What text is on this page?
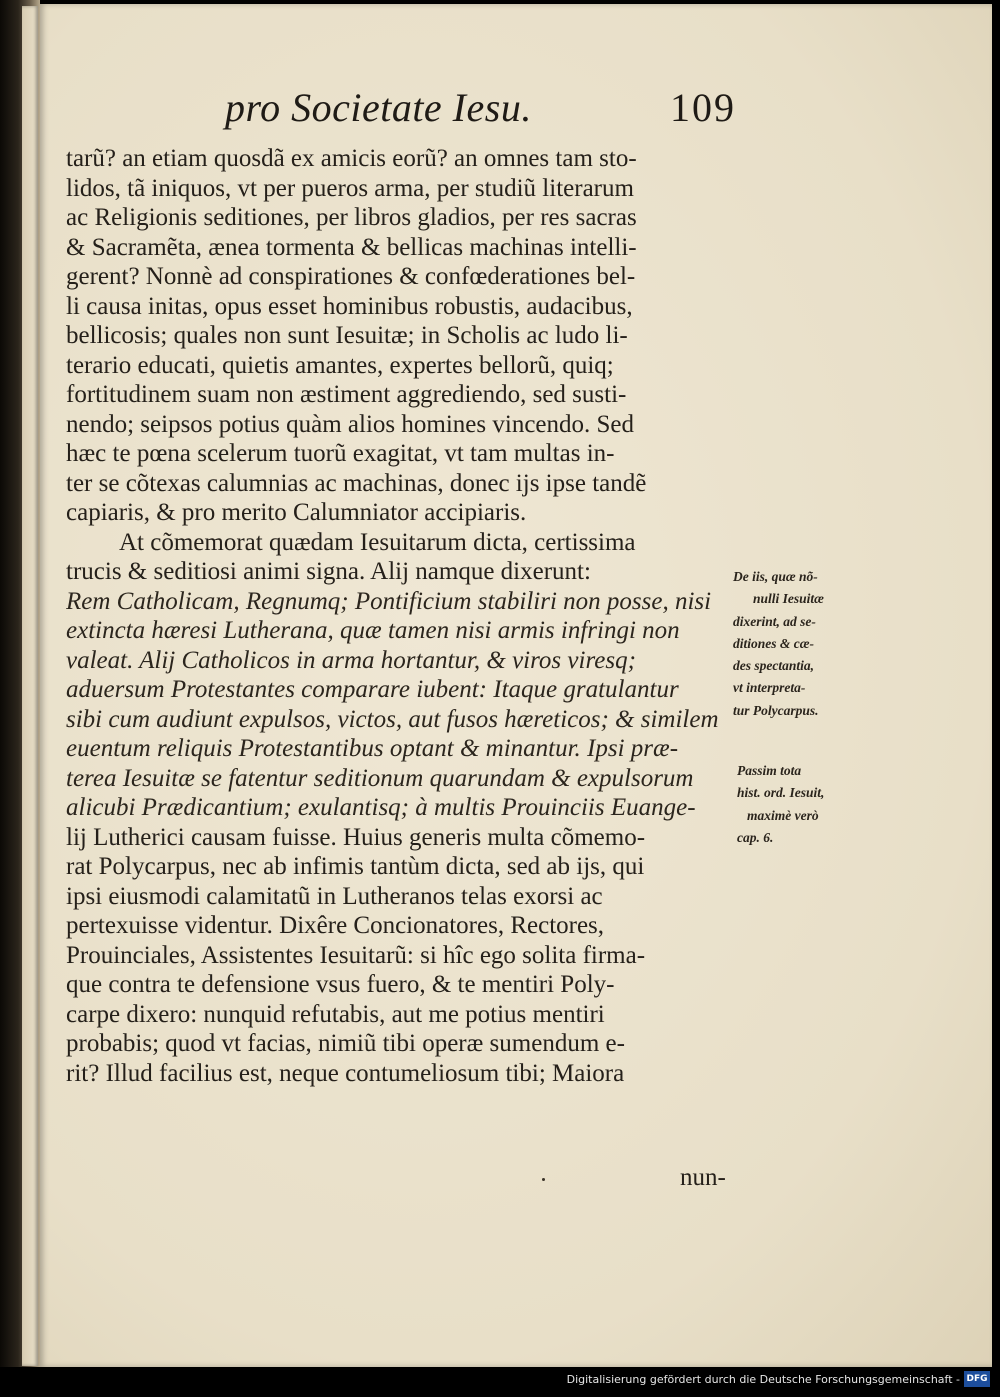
pro Societate Iesu.	109
tarũ? an etiam quosdã ex amicis eorũ? an omnes tam sto-
lidos, tã iniquos, vt per pueros arma, per studiũ literarum
ac Religionis seditiones, per libros gladios, per res sacras
& Sacramẽta, ænea tormenta & bellicas machinas intelli-
gerent? Nonnè ad conspirationes & confœderationes bel-
li causa initas, opus esset hominibus robustis, audacibus,
bellicosis; quales non sunt Iesuitæ; in Scholis ac ludo li-
terario educati, quietis amantes, expertes bellorũ, quiq;
fortitudinem suam non æstiment aggrediendo, sed susti-
nendo; seipsos potius quàm alios homines vincendo. Sed
hæc te pœna scelerum tuorũ exagitat, vt tam multas in-
ter se cõtexas calumnias ac machinas, donec ijs ipse tandẽ
capiaris, & pro merito Calumniator accipiaris.
At cõmemorat quædam Iesuitarum dicta, certissima
trucis & seditiosi animi signa. Alij namque dixerunt:
Rem Catholicam, Regnumq; Pontificium stabiliri non posse, nisi
extincta hæresi Lutherana, quæ tamen nisi armis infringi non
valeat. Alij Catholicos in arma hortantur, & viros viresq;
aduersum Protestantes comparare iubent: Itaque gratulantur
sibi cum audiunt expulsos, victos, aut fusos hæreticos; & similem
euentum reliquis Protestantibus optant & minantur. Ipsi præ-
terea Iesuitæ se fatentur seditionum quarundam & expulsorum
alicubi Prædicantium; exulantisq; à multis Prouinciis Euange-
lij Lutherici causam fuisse. Huius generis multa cõmemo-
rat Polycarpus, nec ab infimis tantùm dicta, sed ab ijs, qui
ipsi eiusmodi calamitatũ in Lutheranos telas exorsi ac
pertexuisse videntur. Dixêre Concionatores, Rectores,
Prouinciales, Assistentes Iesuitarũ: si hîc ego solita firma-
que contra te defensione vsus fuero, & te mentiri Poly-
carpe dixero: nunquid refutabis, aut me potius mentiri
probabis; quod vt facias, nimiũ tibi operæ sumendum e-
rit? Illud facilius est, neque contumeliosum tibi; Maiora
nun-
De iis, quæ nõ-
nulli Iesuitæ
dixerint, ad se-
ditiones & cæ-
des spectantia,
vt interpreta-
tur Polycarpus.
Passim tota
hist. ord. Iesuit,
maximè verò
cap. 6.
Digitalisierung gefördert durch die Deutsche Forschungsgemeinschaft - DFG
